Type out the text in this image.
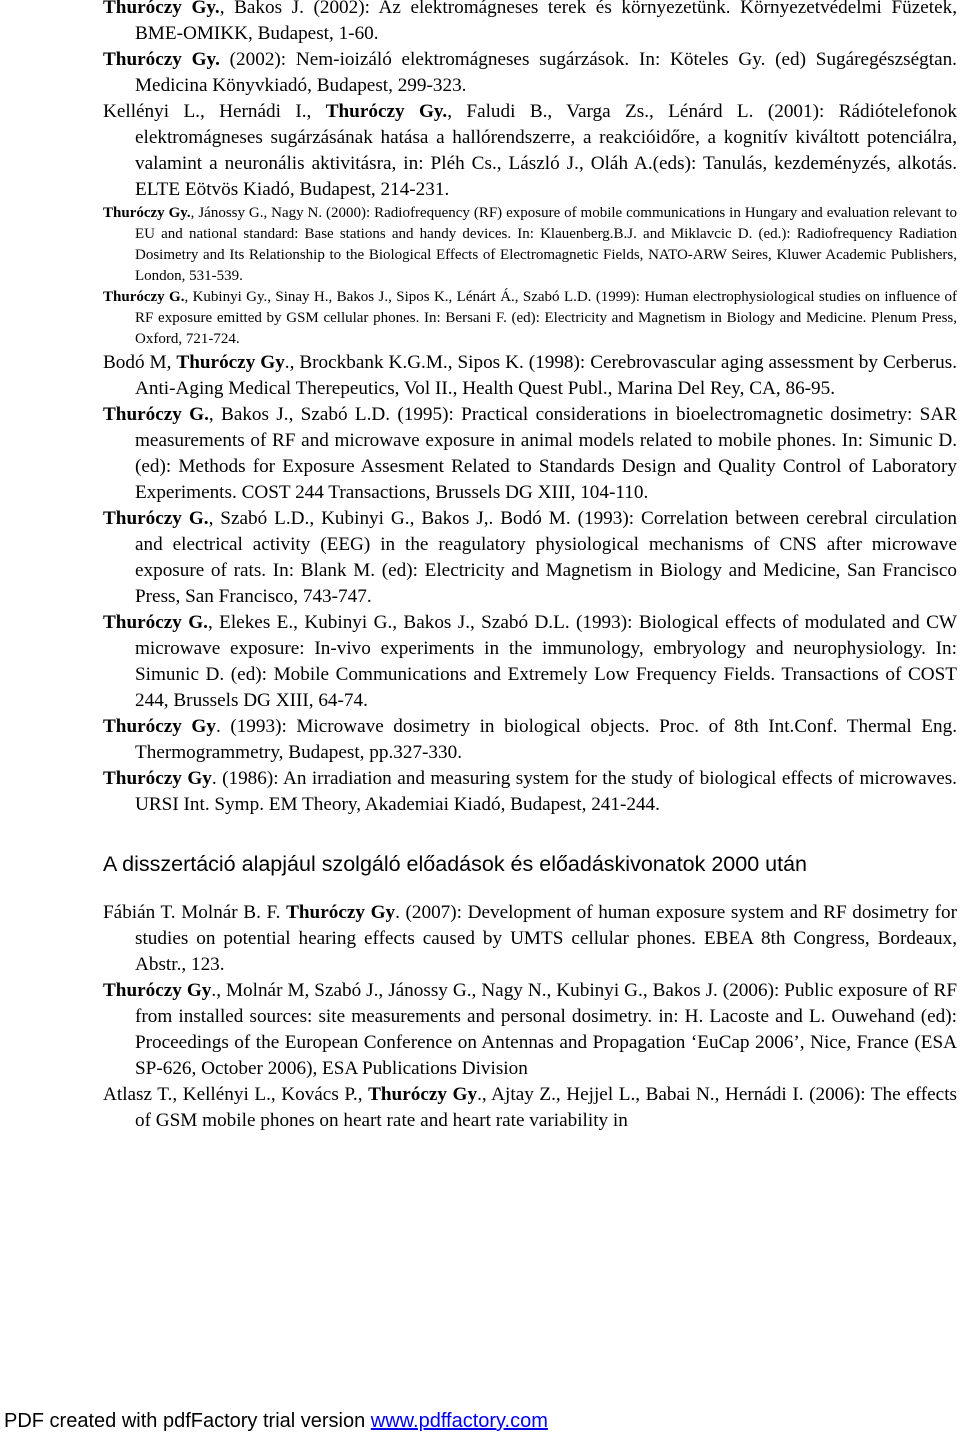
Thuróczy Gy., Bakos J. (2002): Az elektromágneses terek és környezetünk. Környezetvédelmi Füzetek, BME-OMIKK, Budapest, 1-60.

Thuróczy Gy. (2002): Nem-ioizáló elektromágneses sugárzások. In: Köteles Gy. (ed) Sugáregészségtan. Medicina Könyvkiadó, Budapest, 299-323.

Kellényi L., Hernádi I., Thuróczy Gy., Faludi B., Varga Zs., Lénárd L. (2001): Rádiótelefonok elektromágneses sugárzásának hatása a hallórendszerre, a reakcióidőre, a kognitív kiváltott potenciálra, valamint a neuronális aktivitásra, in: Pléh Cs., László J., Oláh A.(eds): Tanulás, kezdeményzés, alkotás. ELTE Eötvös Kiadó, Budapest, 214-231.

Thuróczy Gy., Jánossy G., Nagy N. (2000): Radiofrequency (RF) exposure of mobile communications in Hungary and evaluation relevant to EU and national standard: Base stations and handy devices. In: Klauenberg.B.J. and Miklavcic D. (ed.): Radiofrequency Radiation Dosimetry and Its Relationship to the Biological Effects of Electromagnetic Fields, NATO-ARW Seires, Kluwer Academic Publishers, London, 531-539.

Thuróczy G., Kubinyi Gy., Sinay H., Bakos J., Sipos K., Lénárt Á., Szabó L.D. (1999): Human electrophysiological studies on influence of RF exposure emitted by GSM cellular phones. In: Bersani F. (ed): Electricity and Magnetism in Biology and Medicine. Plenum Press, Oxford, 721-724.

Bodó M, Thuróczy Gy., Brockbank K.G.M., Sipos K. (1998): Cerebrovascular aging assessment by Cerberus. Anti-Aging Medical Therepeutics, Vol II., Health Quest Publ., Marina Del Rey, CA, 86-95.

Thuróczy G., Bakos J., Szabó L.D. (1995): Practical considerations in bioelectromagnetic dosimetry: SAR measurements of RF and microwave exposure in animal models related to mobile phones. In: Simunic D. (ed): Methods for Exposure Assesment Related to Standards Design and Quality Control of Laboratory Experiments. COST 244 Transactions, Brussels DG XIII, 104-110.

Thuróczy G., Szabó L.D., Kubinyi G., Bakos J,. Bodó M. (1993): Correlation between cerebral circulation and electrical activity (EEG) in the reagulatory physiological mechanisms of CNS after microwave exposure of rats. In: Blank M. (ed): Electricity and Magnetism in Biology and Medicine, San Francisco Press, San Francisco, 743-747.

Thuróczy G., Elekes E., Kubinyi G., Bakos J., Szabó D.L. (1993): Biological effects of modulated and CW microwave exposure: In-vivo experiments in the immunology, embryology and neurophysiology. In: Simunic D. (ed): Mobile Communications and Extremely Low Frequency Fields. Transactions of COST 244, Brussels DG XIII, 64-74.

Thuróczy Gy. (1993): Microwave dosimetry in biological objects. Proc. of 8th Int.Conf. Thermal Eng. Thermogrammetry, Budapest, pp.327-330.

Thuróczy Gy. (1986): An irradiation and measuring system for the study of biological effects of microwaves. URSI Int. Symp. EM Theory, Akademiai Kiadó, Budapest, 241-244.

A disszertáció alapjául szolgáló előadások és előadáskivonatok 2000 után

Fábián T. Molnár B. F. Thuróczy Gy. (2007): Development of human exposure system and RF dosimetry for studies on potential hearing effects caused by UMTS cellular phones. EBEA 8th Congress, Bordeaux, Abstr., 123.

Thuróczy Gy., Molnár M, Szabó J., Jánossy G., Nagy N., Kubinyi G., Bakos J. (2006): Public exposure of RF from installed sources: site measurements and personal dosimetry. in: H. Lacoste and L. Ouwehand (ed): Proceedings of the European Conference on Antennas and Propagation ‘EuCap 2006’, Nice, France (ESA SP-626, October 2006), ESA Publications Division

Atlasz T., Kellényi L., Kovács P., Thuróczy Gy., Ajtay Z., Hejjel L., Babai N., Hernádi I. (2006): The effects of GSM mobile phones on heart rate and heart rate variability in

PDF created with pdfFactory trial version www.pdffactory.com
